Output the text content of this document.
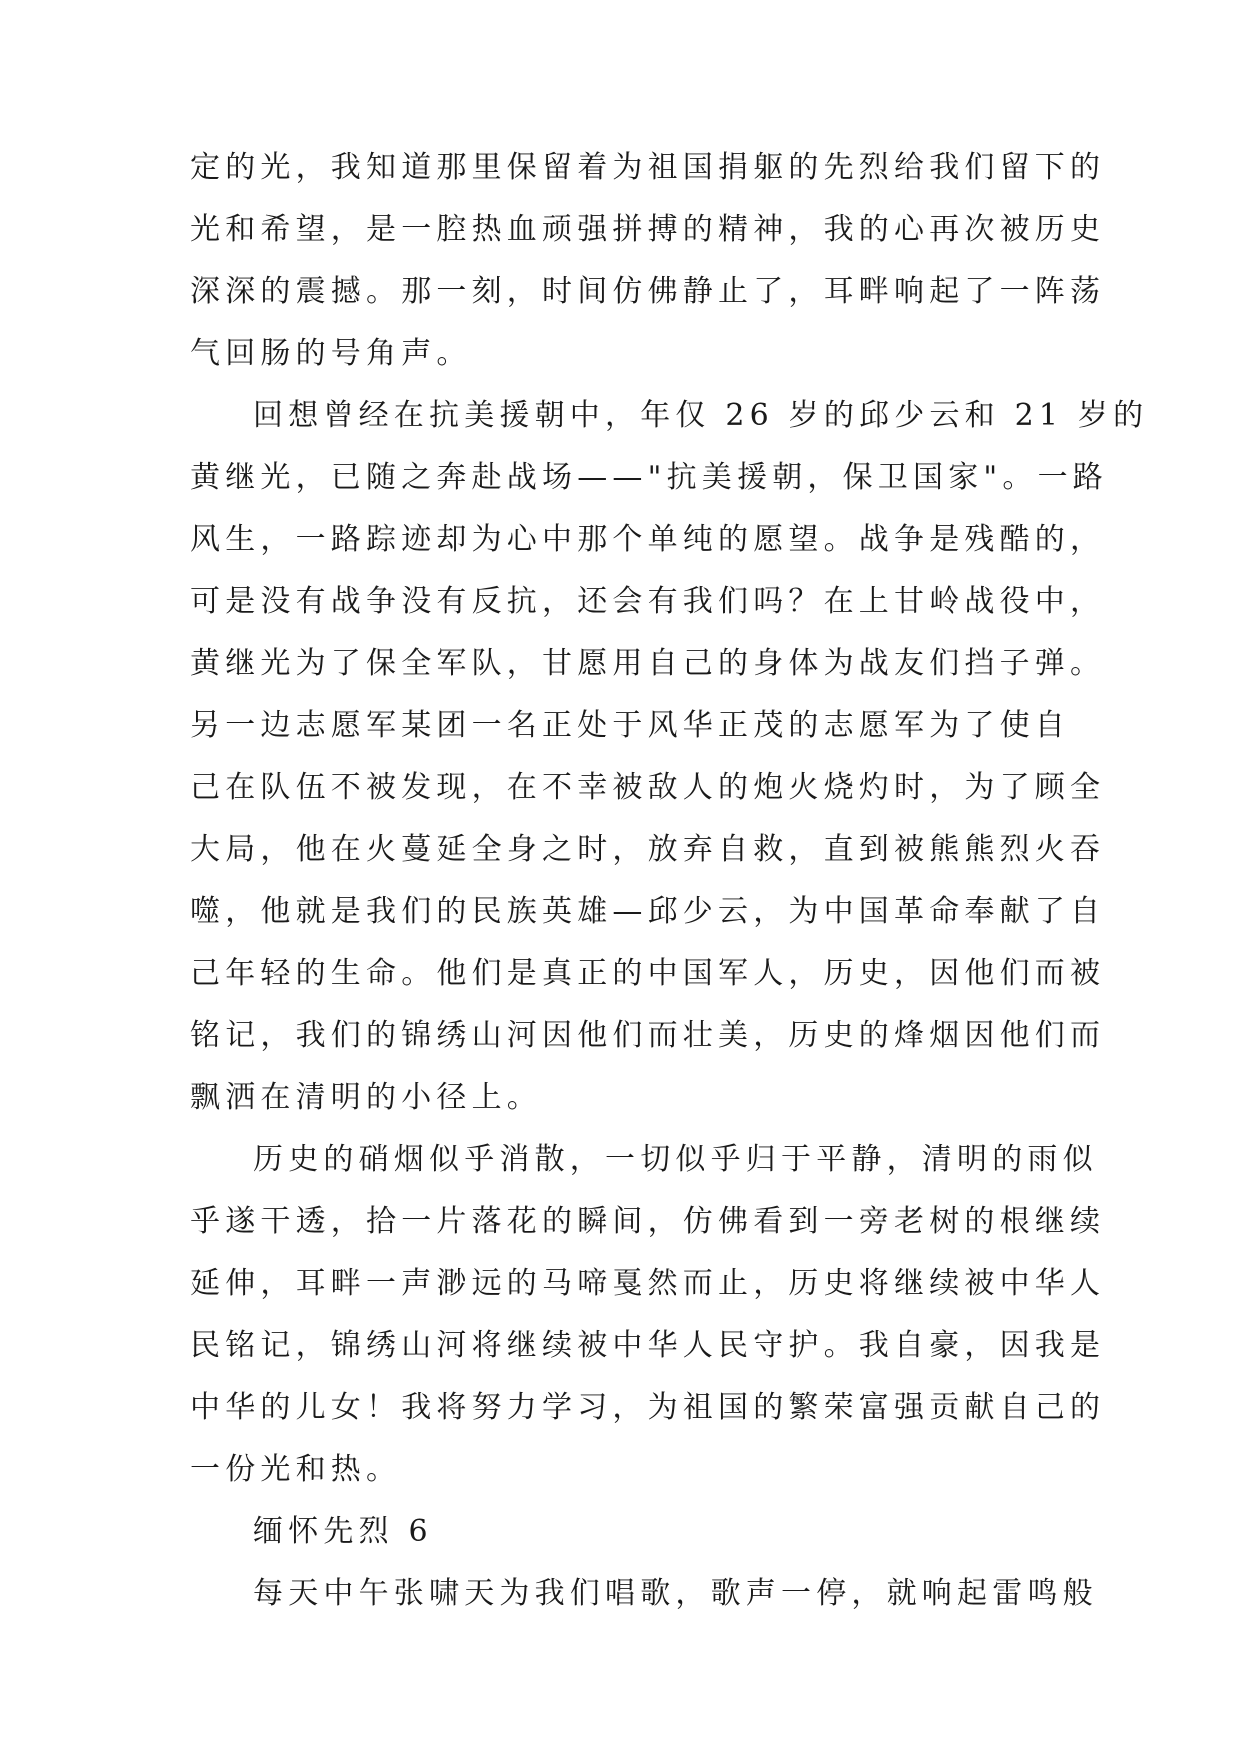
定的光，我知道那里保留着为祖国捐躯的先烈给我们留下的
光和希望，是一腔热血顽强拼搏的精神，我的心再次被历史
深深的震撼。那一刻，时间仿佛静止了，耳畔响起了一阵荡
气回肠的号角声。
回想曾经在抗美援朝中，年仅 26 岁的邱少云和 21 岁的
黄继光，已随之奔赴战场——"抗美援朝，保卫国家"。一路
风生，一路踪迹却为心中那个单纯的愿望。战争是残酷的，
可是没有战争没有反抗，还会有我们吗？在上甘岭战役中，
黄继光为了保全军队，甘愿用自己的身体为战友们挡子弹。
另一边志愿军某团一名正处于风华正茂的志愿军为了使自
己在队伍不被发现，在不幸被敌人的炮火烧灼时，为了顾全
大局，他在火蔓延全身之时，放弃自救，直到被熊熊烈火吞
噬，他就是我们的民族英雄—邱少云，为中国革命奉献了自
己年轻的生命。他们是真正的中国军人，历史，因他们而被
铭记，我们的锦绣山河因他们而壮美，历史的烽烟因他们而
飘洒在清明的小径上。
历史的硝烟似乎消散，一切似乎归于平静，清明的雨似
乎遂干透，拾一片落花的瞬间，仿佛看到一旁老树的根继续
延伸，耳畔一声渺远的马啼戛然而止，历史将继续被中华人
民铭记，锦绣山河将继续被中华人民守护。我自豪，因我是
中华的儿女！我将努力学习，为祖国的繁荣富强贡献自己的
一份光和热。
缅怀先烈 6
每天中午张啸天为我们唱歌，歌声一停，就响起雷鸣般
